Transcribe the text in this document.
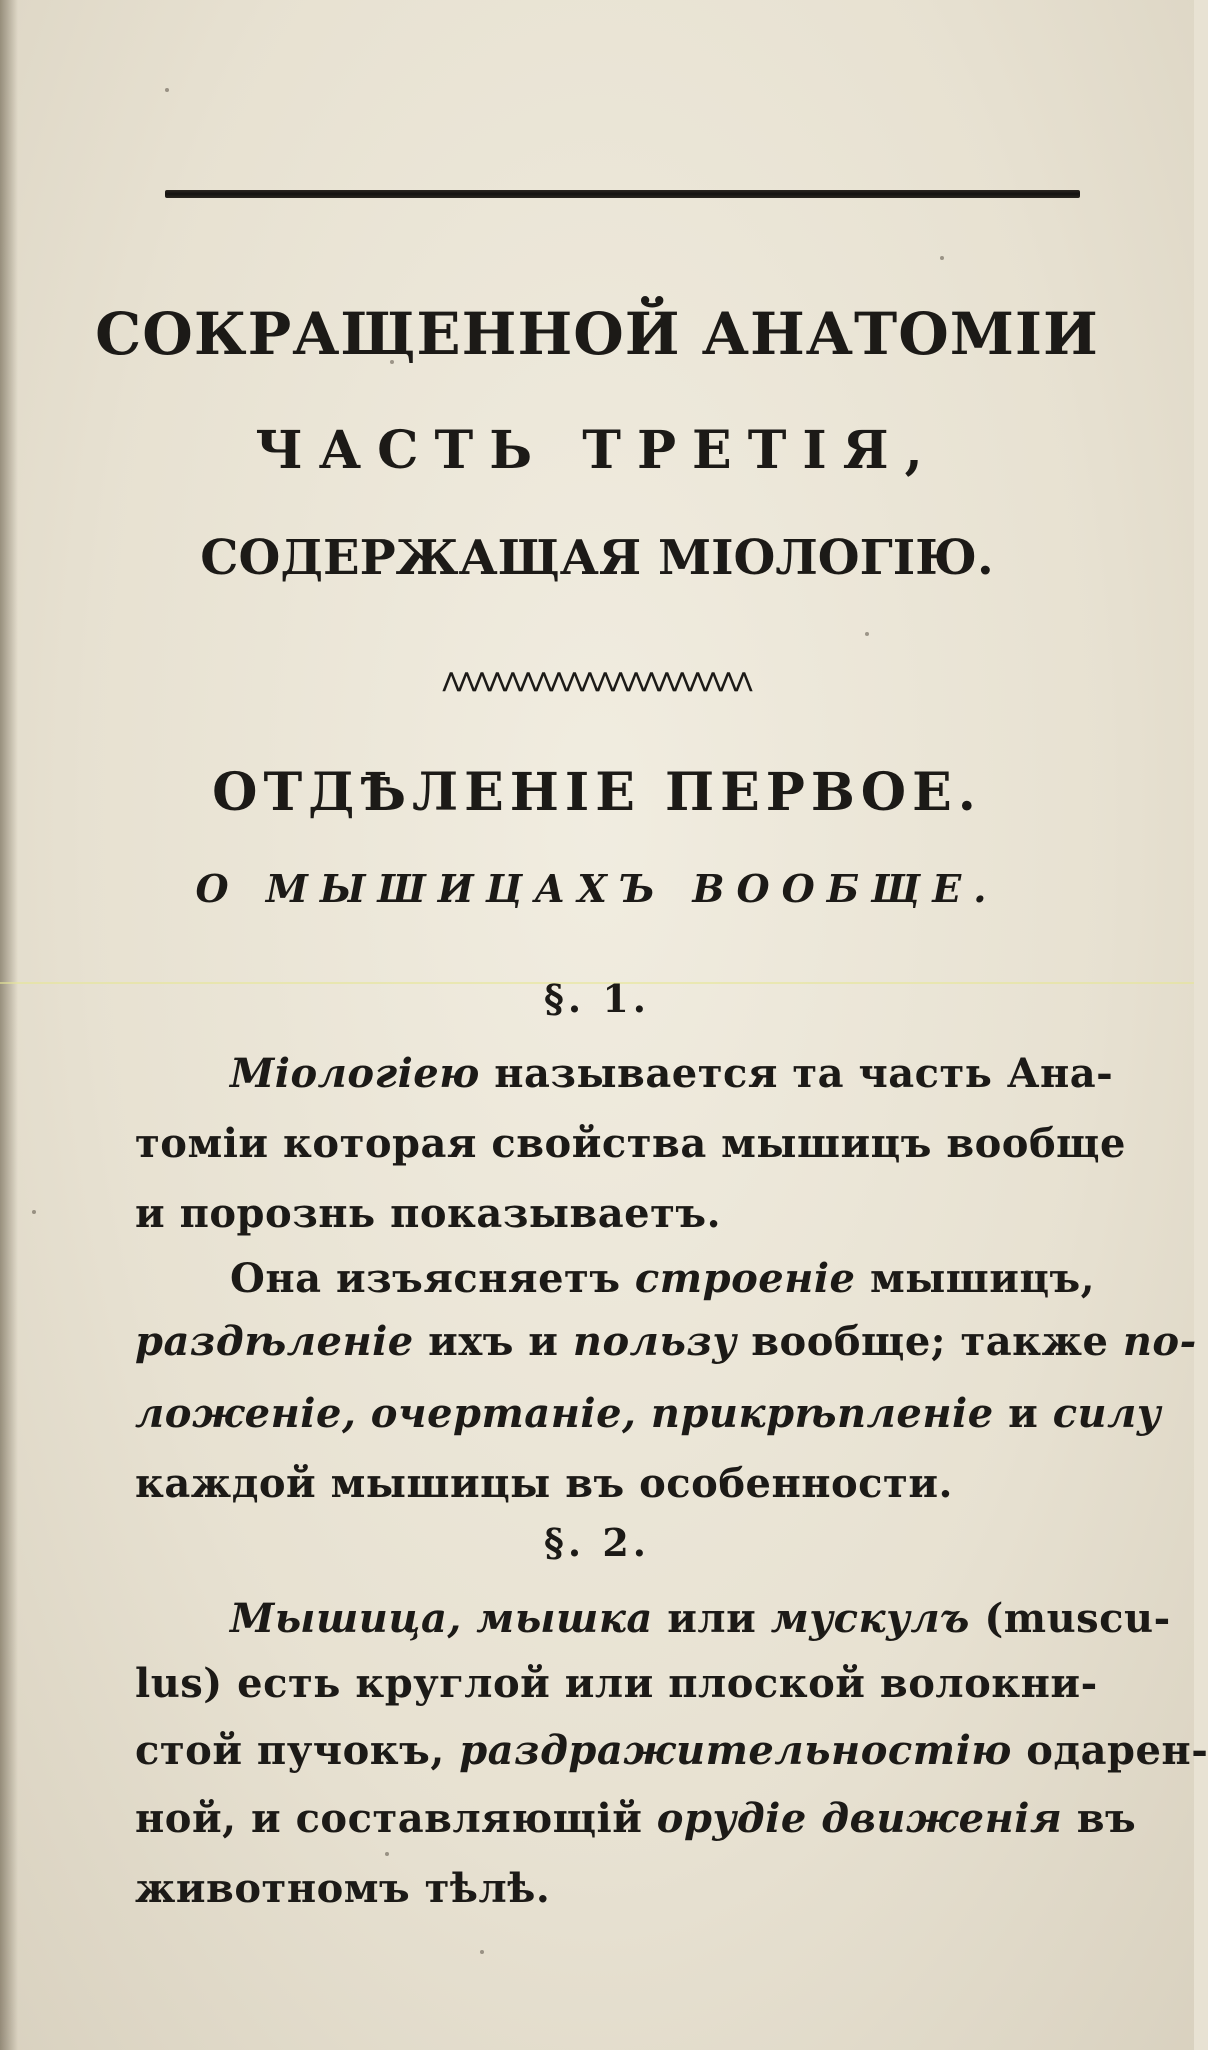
СОКРАЩЕННОЙ АНАТОМІИ
ЧАСТЬ ТРЕТІЯ,
СОДЕРЖАЩАЯ МІОЛОГІЮ.
⋀⋀⋀⋀⋀⋀⋀⋀⋀⋀⋀⋀⋀⋀⋀⋀⋀⋀⋀⋀
ОТДѢЛЕНІЕ ПЕРВОЕ.
О МЫШИЦАХЪ ВООБЩЕ.
§. 1.
Міологіею называется та часть Ана-
томіи которая свойства мышицъ вообще
и порознь показываетъ.
Она изъясняетъ строеніе мышицъ,
раздѣленіе ихъ и пользу вообще; также по-
ложеніе, очертаніе, прикрѣпленіе и силу
каждой мышицы въ особенности.
§. 2.
Мышица, мышка или мускулъ (muscu-
lus) есть круглой или плоской волокни-
стой пучокъ, раздражительностію одарен-
ной, и составляющій орудіе движенія въ
животномъ тѣлѣ.
